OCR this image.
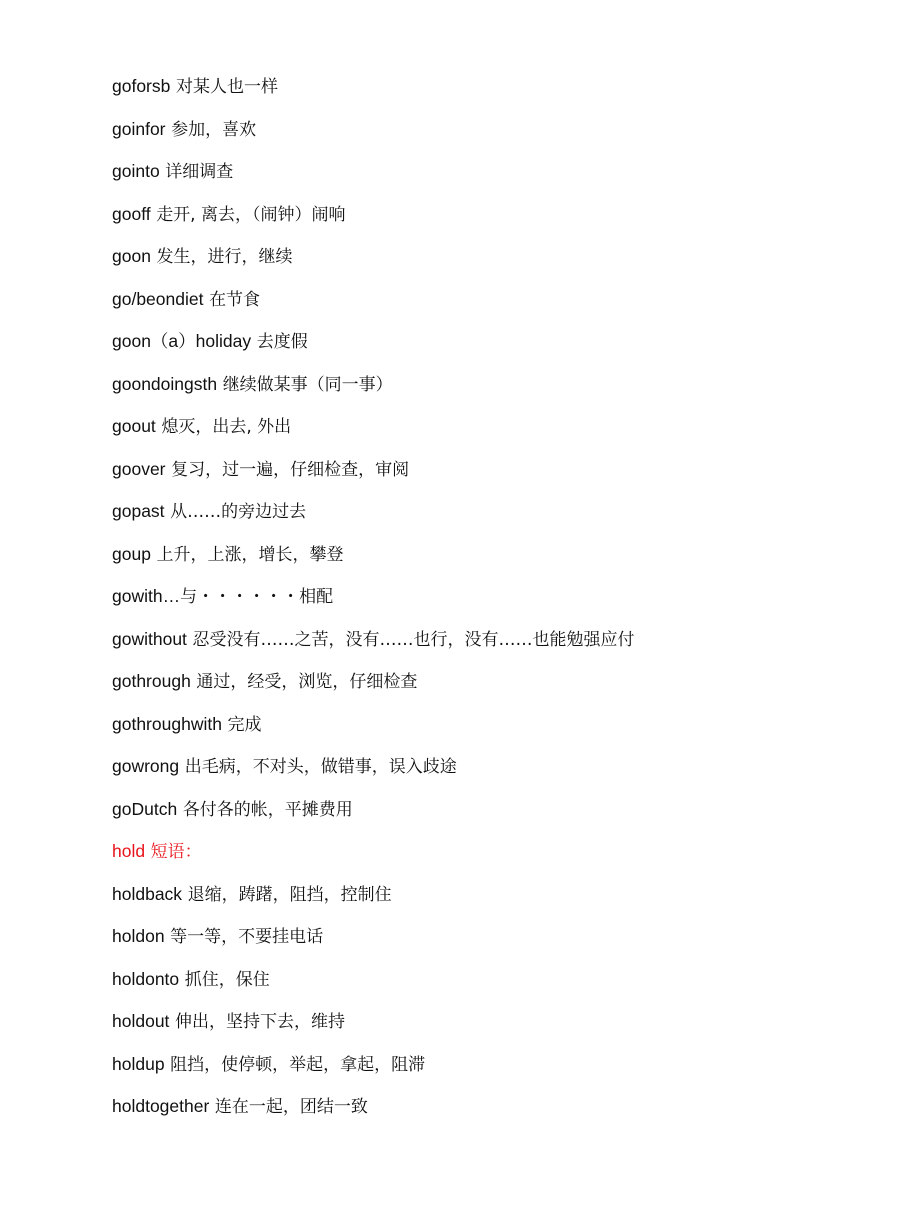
goforsb 对某人也一样
goinfor 参加，喜欢
gointo 详细调查
gooff 走开, 离去，（闹钟）闹响
goon 发生，进行，继续
go/beondiet 在节食
goon（a）holiday 去度假
goondoingsth 继续做某事（同一事）
goout 熄灭，出去, 外出
goover 复习，过一遍，仔细检查，审阅
gopast 从……的旁边过去
goup 上升，上涨，增长，攀登
gowith…与・・・・・・相配
gowithout 忍受没有……之苦，没有……也行，没有……也能勉强应付
gothrough 通过，经受，浏览，仔细检查
gothroughwith 完成
gowrong 出毛病，不对头，做错事，误入歧途
goDutch 各付各的帐，平摊费用
hold 短语：
holdback 退缩，踌躇，阻挡，控制住
holdon 等一等，不要挂电话
holdonto 抓住，保住
holdout 伸出，坚持下去，维持
holdup 阻挡，使停顿，举起，拿起，阻滞
holdtogether 连在一起，团结一致
